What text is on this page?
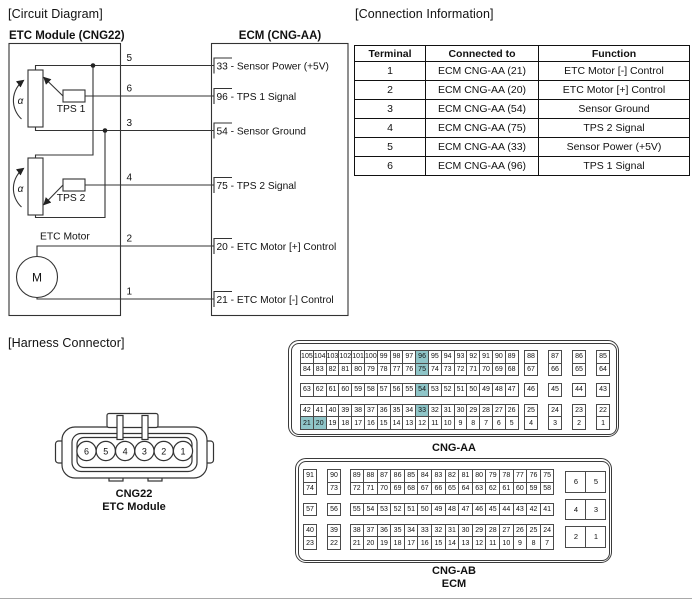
[Circuit Diagram]	[Connection Information]
[Harness Connector]
ETC Module (CNG22)	ECM (CNG-AA)
5
6
3
4
2
1
33 - Sensor Power (+5V)
96 - TPS 1 Signal
54 - Sensor Ground
75 - TPS 2 Signal
20 - ETC Motor [+] Control
21 - ETC Motor [-] Control
TPS 1
TPS 2
α
α
ETC Motor
M
Terminal	Connected to	Function
1	ECM CNG-AA (21)	ETC Motor [-] Control
2	ECM CNG-AA (20)	ETC Motor [+] Control
3	ECM CNG-AA (54)	Sensor Ground
4	ECM CNG-AA (75)	TPS 2 Signal
5	ECM CNG-AA (33)	Sensor Power (+5V)
6	ECM CNG-AA (96)	TPS 1 Signal
6 5 4 3 2 1
CNG22
ETC Module
105 104 103 102 101 100 99 98 97 96 95 94 93 92 91 90 89
84 83 82 81 80 79 78 77 76 75 74 73 72 71 70 69 68
88
67
87
66
86
65
85
64
63 62 61 60 59 58 57 56 55 54 53 52 51 50 49 48 47	46	45	44	43
42 41 40 39 38 37 36 35 34 33 32 31 30 29 28 27 26
21 20 19 18 17 16 15 14 13 12 11 10 9	8	7	6	5
25
4
24
3
23
2
22
1
CNG-AA
91
74
90
73
89 88 87 86 85 84 83 82 81 80 79 78 77 76 75
72 71 70 69 68 67 66 65 64 63 62 61 60 59 58
6	5
57	56	55 54 53 52 51 50 49 48 47 46 45 44 43 42 41	4	3
40
23
39
22
38 37 36 35 34 33 32 31 30 29 28 27 26 25 24
21 20 19 18 17 16 15 14 13 12 11 10	9	8	7
2	1
CNG-AB
ECM
